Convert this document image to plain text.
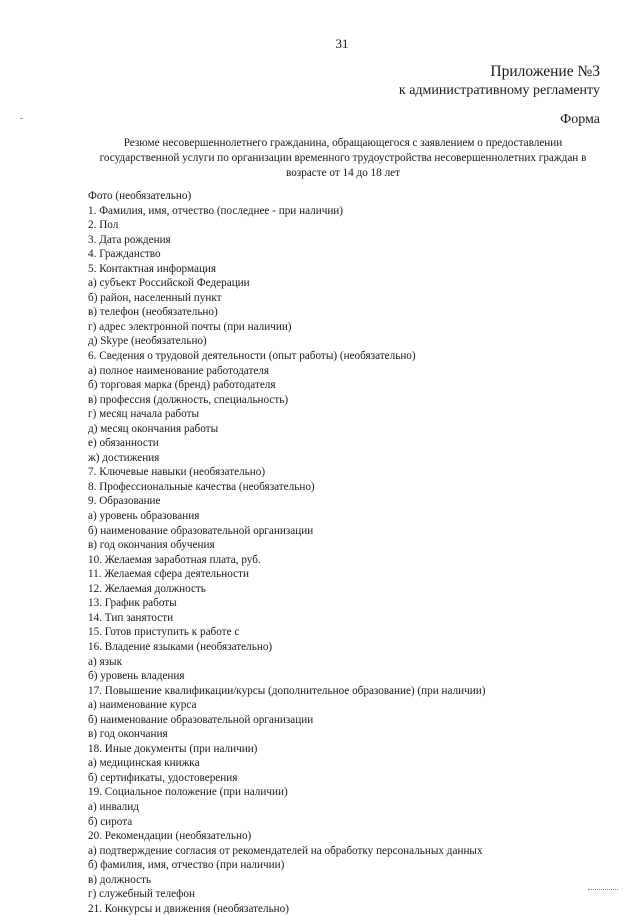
31
Приложение №3
к административному регламенту
Форма
Резюме несовершеннолетнего гражданина, обращающегося с заявлением о предоставлении государственной услуги по организации временного трудоустройства несовершеннолетних граждан в возрасте от 14 до 18 лет
Фото (необязательно)
1. Фамилия, имя, отчество (последнее - при наличии)
2. Пол
3. Дата рождения
4. Гражданство
5. Контактная информация
а) субъект Российской Федерации
б) район, населенный пункт
в) телефон (необязательно)
г) адрес электронной почты (при наличии)
д) Skype (необязательно)
6. Сведения о трудовой деятельности (опыт работы) (необязательно)
а) полное наименование работодателя
б) торговая марка (бренд) работодателя
в) профессия (должность, специальность)
г) месяц начала работы
д) месяц окончания работы
е) обязанности
ж) достижения
7. Ключевые навыки (необязательно)
8. Профессиональные качества (необязательно)
9. Образование
а) уровень образования
б) наименование образовательной организации
в) год окончания обучения
10. Желаемая заработная плата, руб.
11. Желаемая сфера деятельности
12. Желаемая должность
13. График работы
14. Тип занятости
15. Готов приступить к работе с
16. Владение языками (необязательно)
а) язык
б) уровень владения
17. Повышение квалификации/курсы (дополнительное образование) (при наличии)
а) наименование курса
б) наименование образовательной организации
в) год окончания
18. Иные документы (при наличии)
а) медицинская книжка
б) сертификаты, удостоверения
19. Социальное положение (при наличии)
а) инвалид
б) сирота
20. Рекомендации (необязательно)
а) подтверждение согласия от рекомендателей на обработку персональных данных
б) фамилия, имя, отчество (при наличии)
в) должность
г) служебный телефон
21. Конкурсы и движения (необязательно)
